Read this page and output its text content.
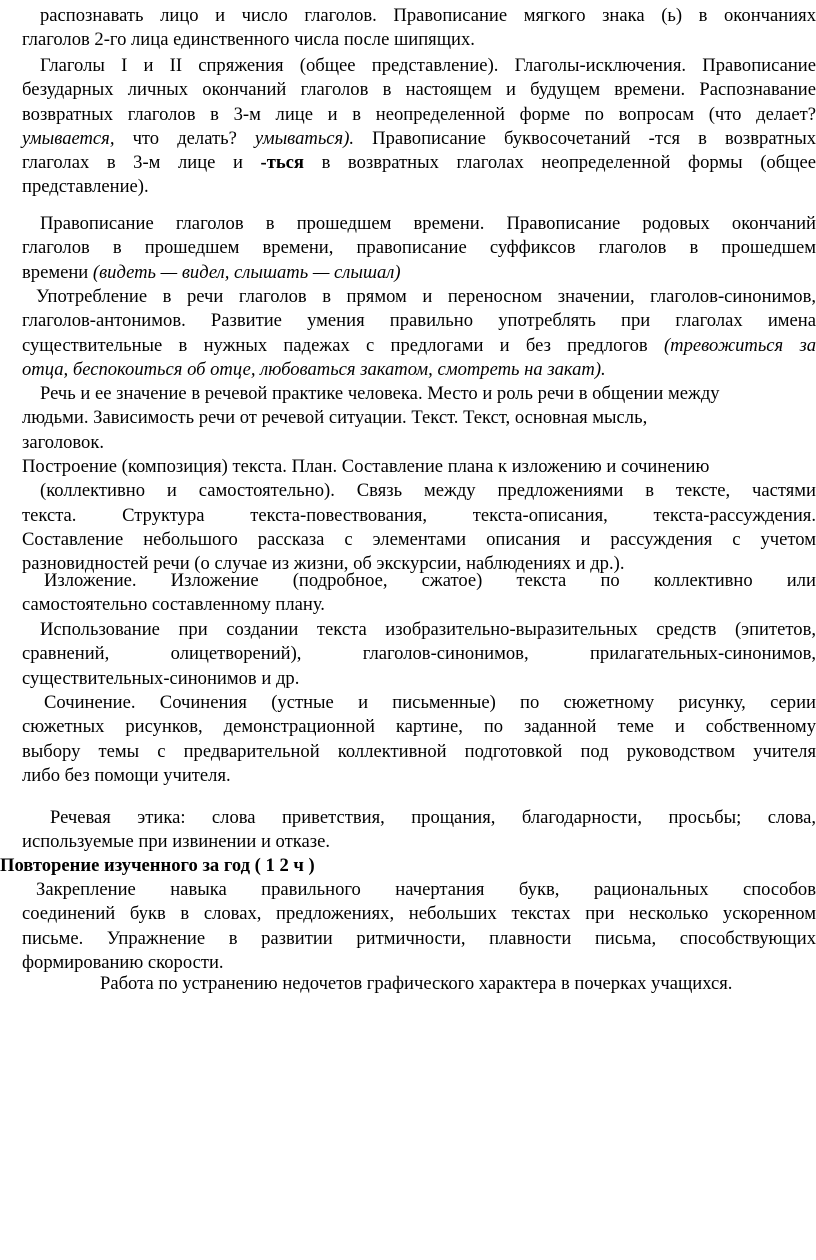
распознавать лицо и число глаголов. Правописание мягкого знака (ь) в окончаниях
глаголов 2-го лица единственного числа после шипящих.
Глаголы I и II спряжения (общее представление). Глаголы-исключения. Правописание
безударных личных окончаний глаголов в настоящем и будущем времени. Распознавание
возвратных глаголов в 3-м лице и в неопределенной форме по вопросам (что делает?
умывается, что делать? умываться). Правописание буквосочетаний -тся в возвратных
глаголах в 3-м лице и -ться в возвратных глаголах неопределенной формы (общее
представление).
Правописание глаголов в прошедшем времени. Правописание родовых окончаний
глаголов в прошедшем времени, правописание суффиксов глаголов в прошедшем
времени (видеть — видел, слышать — слышал)
Употребление в речи глаголов в прямом и переносном значении, глаголов-синонимов,
глаголов-антонимов. Развитие умения правильно употреблять при глаголах имена
существительные в нужных падежах с предлогами и без предлогов (тревожиться за
отца, беспокоиться об отце, любоваться закатом, смотреть на закат).
Речь и ее значение в речевой практике человека. Место и роль речи в общении между
людьми. Зависимость речи от речевой ситуации. Текст. Текст, основная мысль,
заголовок.
Построение (композиция) текста. План. Составление плана к изложению и сочинению
(коллективно и самостоятельно). Связь между предложениями в тексте, частями
текста. Структура текста-повествования, текста-описания, текста-рассуждения.
Составление небольшого рассказа с элементами описания и рассуждения с учетом
разновидностей речи (о случае из жизни, об экскурсии, наблюдениях и др.).
Изложение. Изложение (подробное, сжатое) текста по коллективно или
самостоятельно составленному плану.
Использование при создании текста изобразительно-выразительных средств (эпитетов,
сравнений, олицетворений), глаголов-синонимов, прилагательных-синонимов,
существительных-синонимов и др.
Сочинение. Сочинения (устные и письменные) по сюжетному рисунку, серии
сюжетных рисунков, демонстрационной картине, по заданной теме и собственному
выбору темы с предварительной коллективной подготовкой под руководством учителя
либо без помощи учителя.
Речевая этика: слова приветствия, прощания, благодарности, просьбы; слова,
используемые при извинении и отказе.
Повторение изученного за год ( 1 2 ч )
Закрепление навыка правильного начертания букв, рациональных способов
соединений букв в словах, предложениях, небольших текстах при несколько ускоренном
письме. Упражнение в развитии ритмичности, плавности письма, способствующих
формированию скорости.
Работа по устранению недочетов графического характера в почерках учащихся.
